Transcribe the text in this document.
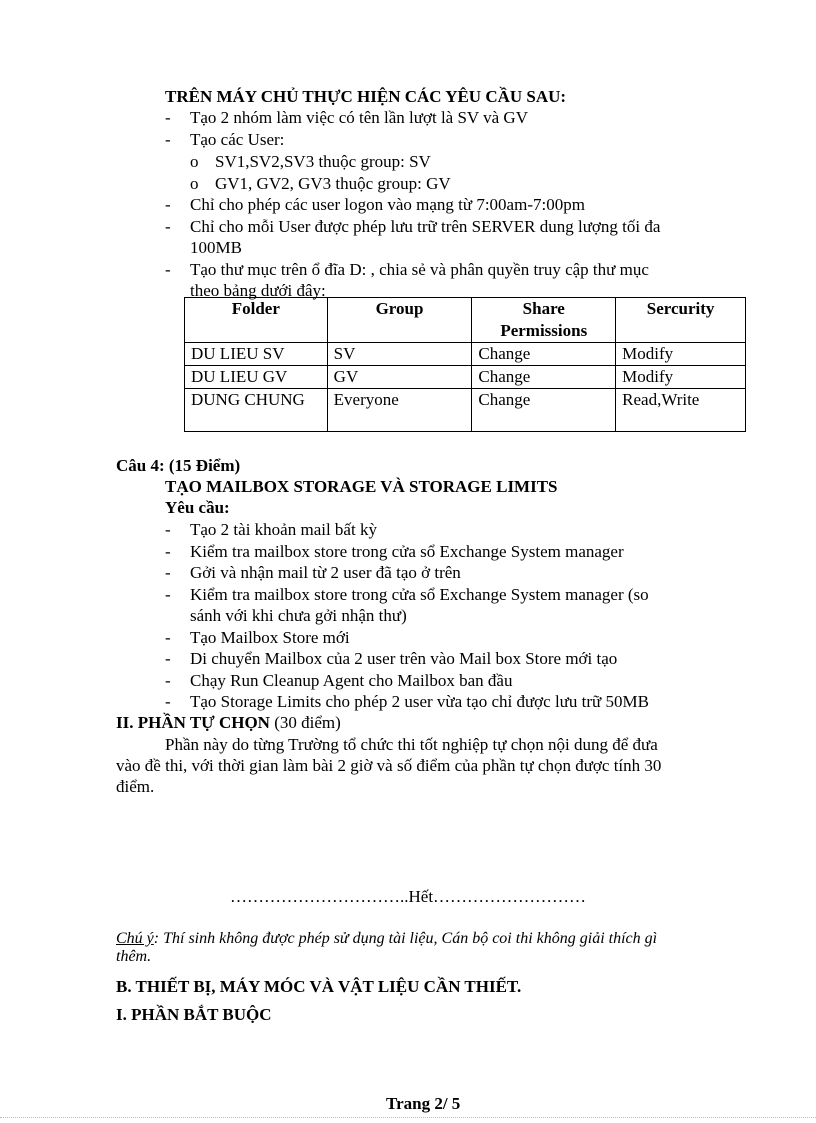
TRÊN MÁY CHỦ THỰC HIỆN CÁC YÊU CẦU SAU:
- Tạo 2 nhóm làm việc có tên lần lượt là SV và GV
- Tạo các User:
o SV1,SV2,SV3 thuộc group: SV
o GV1, GV2, GV3 thuộc group: GV
- Chỉ cho phép các user logon vào mạng từ 7:00am-7:00pm
- Chỉ cho mỗi User được phép lưu trữ trên SERVER dung lượng tối đa
100MB
- Tạo thư mục trên ổ đĩa D: , chia sẻ và phân quyền truy cập thư mục
theo bảng dưới đây:
Folder	Group	Share Permissions	Sercurity
DU LIEU SV	SV	Change	Modify
DU LIEU GV	GV	Change	Modify
DUNG CHUNG	Everyone	Change	Read,Write
Câu 4: (15 Điểm)
TẠO MAILBOX STORAGE VÀ STORAGE LIMITS
Yêu cầu:
- Tạo 2 tài khoản mail bất kỳ
- Kiểm tra mailbox store trong cửa sổ Exchange System manager
- Gởi và nhận mail từ 2 user đã tạo ở trên
- Kiểm tra mailbox store trong cửa sổ Exchange System manager (so
sánh với khi chưa gởi nhận thư)
- Tạo Mailbox Store mới
- Di chuyển Mailbox của 2 user trên vào Mail box Store mới tạo
- Chạy Run Cleanup Agent cho Mailbox ban đầu
- Tạo Storage Limits cho phép 2 user vừa tạo chỉ được lưu trữ 50MB
II. PHẦN TỰ CHỌN (30 điểm)
Phần này do từng Trường tổ chức thi tốt nghiệp tự chọn nội dung để đưa
vào đề thi, với thời gian làm bài 2 giờ và số điểm của phần tự chọn được tính 30
điểm.
…………………………..Hết………………………
Chú ý: Thí sinh không được phép sử dụng tài liệu, Cán bộ coi thi không giải thích gì
thêm.
B. THIẾT BỊ, MÁY MÓC VÀ VẬT LIỆU CẦN THIẾT.
I. PHẦN BẮT BUỘC
Trang 2/ 5
